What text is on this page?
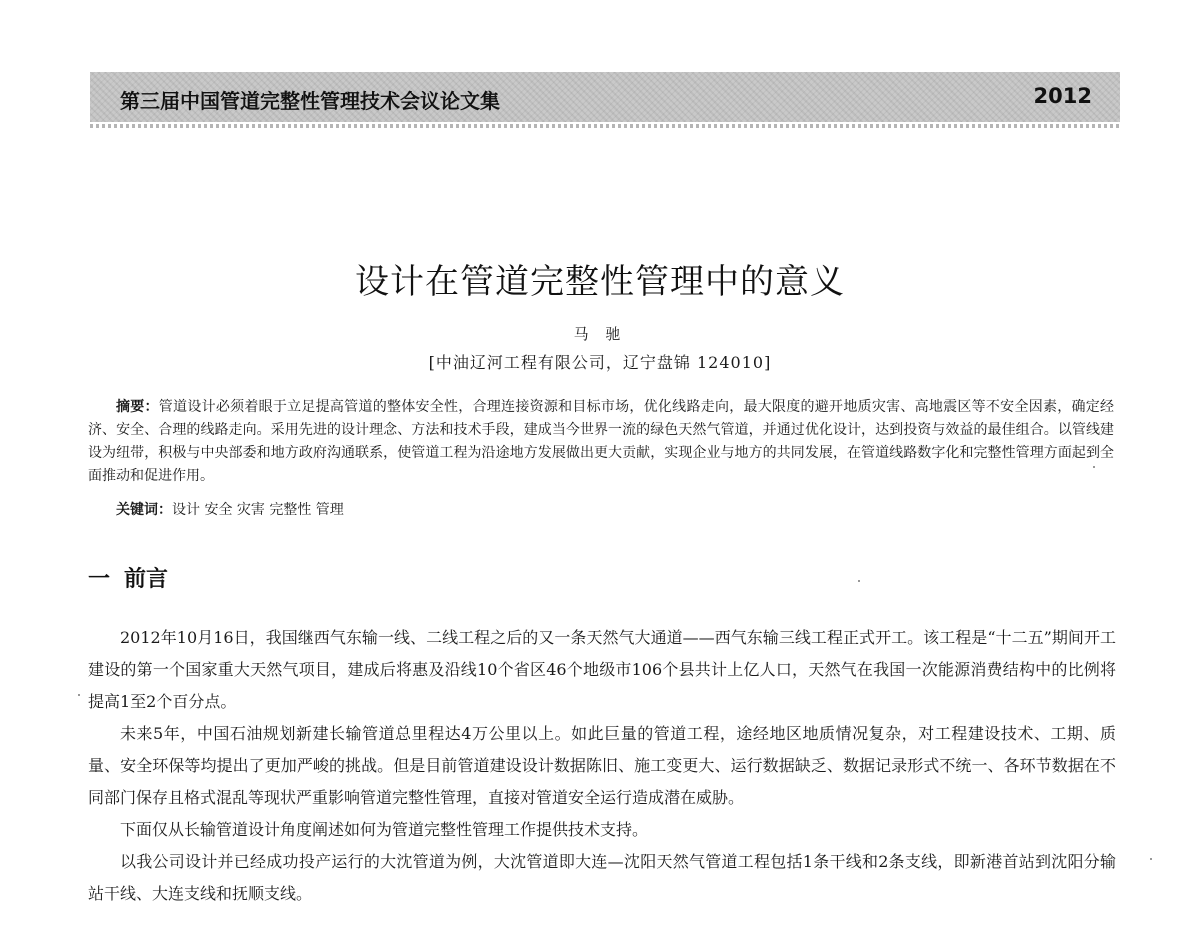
第三届中国管道完整性管理技术会议论文集	2012
设计在管道完整性管理中的意义
马 驰
[中油辽河工程有限公司，辽宁盘锦 124010]
摘要：管道设计必须着眼于立足提高管道的整体安全性，合理连接资源和目标市场，优化线路走向，最大限度的避开地质灾害、高地震区等不安全因素，确定经济、安全、合理的线路走向。采用先进的设计理念、方法和技术手段，建成当今世界一流的绿色天然气管道，并通过优化设计，达到投资与效益的最佳组合。以管线建设为纽带，积极与中央部委和地方政府沟通联系，使管道工程为沿途地方发展做出更大贡献，实现企业与地方的共同发展，在管道线路数字化和完整性管理方面起到全面推动和促进作用。
关键词：设计 安全 灾害 完整性 管理
一 前言

2012年10月16日，我国继西气东输一线、二线工程之后的又一条天然气大通道——西气东输三线工程正式开工。该工程是“十二五”期间开工建设的第一个国家重大天然气项目，建成后将惠及沿线10个省区46个地级市106个县共计上亿人口，天然气在我国一次能源消费结构中的比例将提高1至2个百分点。

未来5年，中国石油规划新建长输管道总里程达4万公里以上。如此巨量的管道工程，途经地区地质情况复杂，对工程建设技术、工期、质量、安全环保等均提出了更加严峻的挑战。但是目前管道建设设计数据陈旧、施工变更大、运行数据缺乏、数据记录形式不统一、各环节数据在不同部门保存且格式混乱等现状严重影响管道完整性管理，直接对管道安全运行造成潜在威胁。

下面仅从长输管道设计角度阐述如何为管道完整性管理工作提供技术支持。

以我公司设计并已经成功投产运行的大沈管道为例，大沈管道即大连—沈阳天然气管道工程包括1条干线和2条支线，即新港首站到沈阳分输站干线、大连支线和抚顺支线。
